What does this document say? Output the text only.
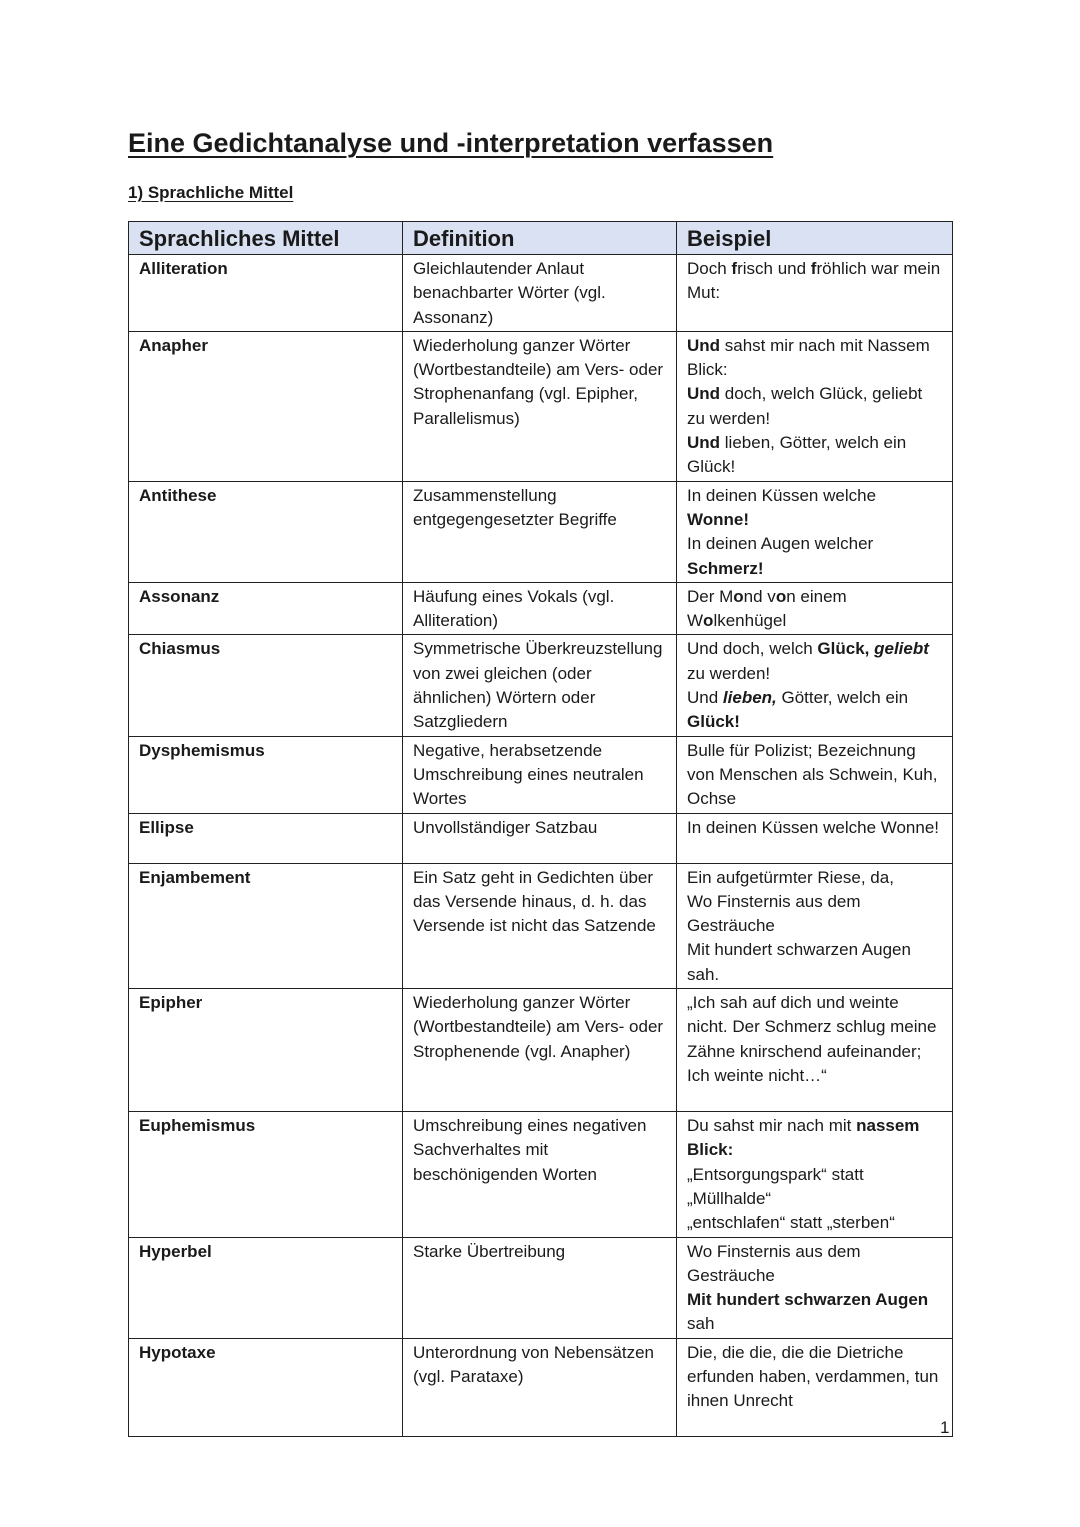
Eine Gedichtanalyse und -interpretation verfassen
1) Sprachliche Mittel
Sprachliches Mittel	Definition	Beispiel
Alliteration	Gleichlautender Anlaut benachbarter Wörter (vgl. Assonanz)	Doch frisch und fröhlich war mein Mut:
Anapher	Wiederholung ganzer Wörter (Wortbestandteile) am Vers- oder Strophenanfang (vgl. Epipher, Parallelismus)	Und sahst mir nach mit Nassem Blick:
Und doch, welch Glück, geliebt zu werden!
Und lieben, Götter, welch ein Glück!
Antithese	Zusammenstellung entgegengesetzter Begriffe	In deinen Küssen welche Wonne!
In deinen Augen welcher Schmerz!
Assonanz	Häufung eines Vokals (vgl. Alliteration)	Der Mond von einem Wolkenhügel
Chiasmus	Symmetrische Überkreuzstellung von zwei gleichen (oder ähnlichen) Wörtern oder Satzgliedern	Und doch, welch Glück, geliebt zu werden!
Und lieben, Götter, welch ein Glück!
Dysphemismus	Negative, herabsetzende Umschreibung eines neutralen Wortes	Bulle für Polizist; Bezeichnung von Menschen als Schwein, Kuh, Ochse
Ellipse	Unvollständiger Satzbau	In deinen Küssen welche Wonne!
Enjambement	Ein Satz geht in Gedichten über das Versende hinaus, d. h. das Versende ist nicht das Satzende	Ein aufgetürmter Riese, da,
Wo Finsternis aus dem Gesträuche
Mit hundert schwarzen Augen sah.
Epipher	Wiederholung ganzer Wörter (Wortbestandteile) am Vers- oder Strophenende (vgl. Anapher)	„Ich sah auf dich und weinte nicht. Der Schmerz schlug meine Zähne knirschend aufeinander; Ich weinte nicht…“
Euphemismus	Umschreibung eines negativen Sachverhaltes mit beschönigenden Worten	Du sahst mir nach mit nassem Blick:
„Entsorgungspark“ statt „Müllhalde“
„entschlafen“ statt „sterben“
Hyperbel	Starke Übertreibung	Wo Finsternis aus dem Gesträuche
Mit hundert schwarzen Augen sah
Hypotaxe	Unterordnung von Nebensätzen (vgl. Parataxe)	Die, die die, die die Dietriche erfunden haben, verdammen, tun ihnen Unrecht
1
